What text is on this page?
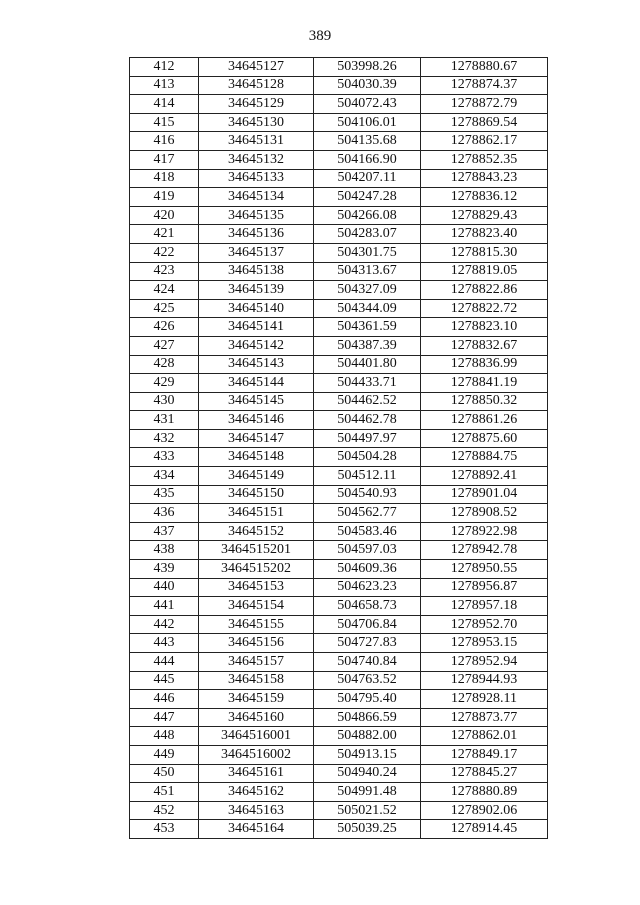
389
412	34645127	503998.26	1278880.67
413	34645128	504030.39	1278874.37
414	34645129	504072.43	1278872.79
415	34645130	504106.01	1278869.54
416	34645131	504135.68	1278862.17
417	34645132	504166.90	1278852.35
418	34645133	504207.11	1278843.23
419	34645134	504247.28	1278836.12
420	34645135	504266.08	1278829.43
421	34645136	504283.07	1278823.40
422	34645137	504301.75	1278815.30
423	34645138	504313.67	1278819.05
424	34645139	504327.09	1278822.86
425	34645140	504344.09	1278822.72
426	34645141	504361.59	1278823.10
427	34645142	504387.39	1278832.67
428	34645143	504401.80	1278836.99
429	34645144	504433.71	1278841.19
430	34645145	504462.52	1278850.32
431	34645146	504462.78	1278861.26
432	34645147	504497.97	1278875.60
433	34645148	504504.28	1278884.75
434	34645149	504512.11	1278892.41
435	34645150	504540.93	1278901.04
436	34645151	504562.77	1278908.52
437	34645152	504583.46	1278922.98
438	3464515201	504597.03	1278942.78
439	3464515202	504609.36	1278950.55
440	34645153	504623.23	1278956.87
441	34645154	504658.73	1278957.18
442	34645155	504706.84	1278952.70
443	34645156	504727.83	1278953.15
444	34645157	504740.84	1278952.94
445	34645158	504763.52	1278944.93
446	34645159	504795.40	1278928.11
447	34645160	504866.59	1278873.77
448	3464516001	504882.00	1278862.01
449	3464516002	504913.15	1278849.17
450	34645161	504940.24	1278845.27
451	34645162	504991.48	1278880.89
452	34645163	505021.52	1278902.06
453	34645164	505039.25	1278914.45
